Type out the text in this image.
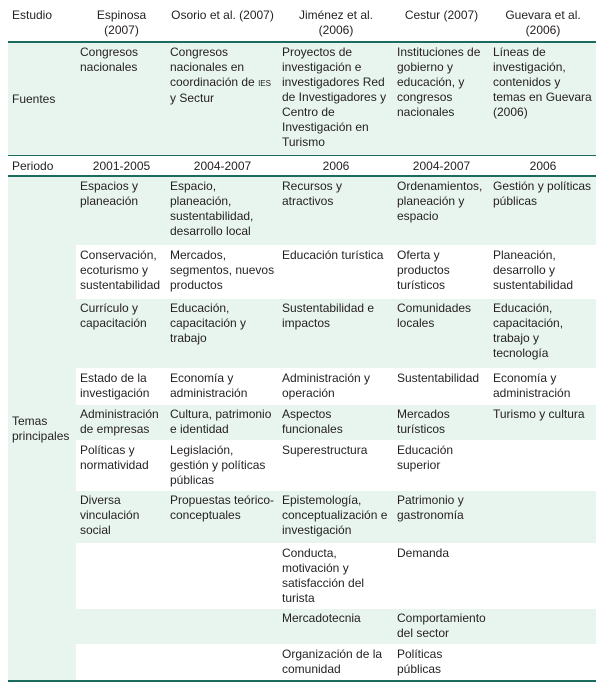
Estudio	Espinosa (2007)	Osorio et al. (2007)	Jiménez et al. (2006)	Cestur (2007)	Guevara et al. (2006)
Fuentes	Congresos nacionales	Congresos nacionales en coordinación de IES y Sectur	Proyectos de investigación e investigadores Red de Investigadores y Centro de Investigación en Turismo	Instituciones de gobierno y educación, y congresos nacionales	Líneas de investigación, contenidos y temas en Guevara (2006)
Periodo	2001-2005	2004-2007	2006	2004-2007	2006
Temas principales	Espacios y planeación	Espacio, planeación, sustentabilidad, desarrollo local	Recursos y atractivos	Ordenamientos, planeación y espacio	Gestión y políticas públicas
	Conservación, ecoturismo y sustentabilidad	Mercados, segmentos, nuevos productos	Educación turística	Oferta y productos turísticos	Planeación, desarrollo y sustentabilidad
	Currículo y capacitación	Educación, capacitación y trabajo	Sustentabilidad e impactos	Comunidades locales	Educación, capacitación, trabajo y tecnología
	Estado de la investigación	Economía y administración	Administración y operación	Sustentabilidad	Economía y administración
	Administración de empresas	Cultura, patrimonio e identidad	Aspectos funcionales	Mercados turísticos	Turismo y cultura
	Políticas y normatividad	Legislación, gestión y políticas públicas	Superestructura	Educación superior	
	Diversa vinculación social	Propuestas teórico-conceptuales	Epistemología, conceptualización e investigación	Patrimonio y gastronomía	
			Conducta, motivación y satisfacción del turista	Demanda	
			Mercadotecnia	Comportamiento del sector	
			Organización de la comunidad	Políticas públicas	
